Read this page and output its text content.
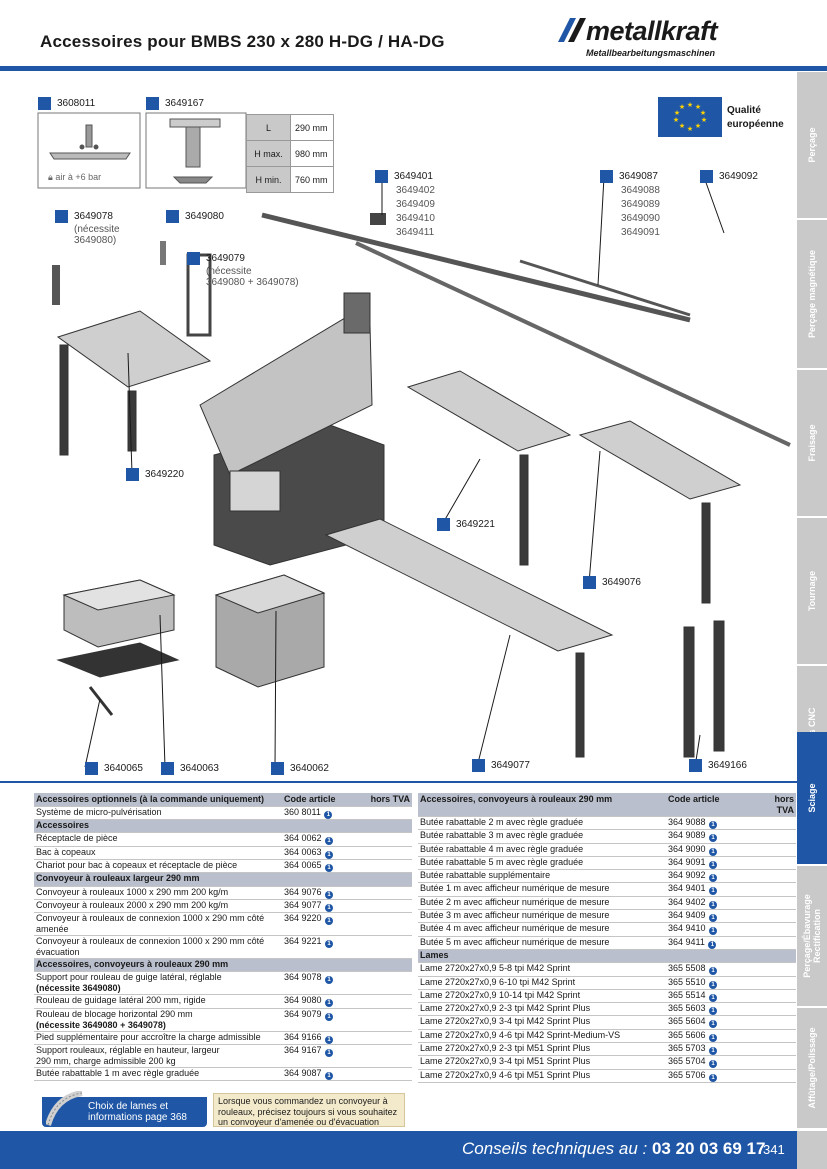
Accessoires pour BMBS 230 x 280 H-DG / HA-DG	metallkraft
Metallbearbeitungsmaschinen
Perçage
Perçage magnétique
Fraisage
Tournage
Sciage
Perçage/Ébavurage Rectification
Affûtage/Polissage
3608011
🔒︎ air à +6 bar
3649167
L	290 mm
H max.	980 mm
H min.	760 mm
★ ★
★
★
★
★
★
★
★
★	Qualité
européenne
3649078
(nécessite
3649080)
3649080
3649079
(nécessite
3649080 + 3649078)
3649401
3649402
3649409
3649410
3649411
3649087
3649088
3649089
3649090
3649091
3649092
3649220
3649221
3649076
3640065	3640063	3640062	3649077	3649166
Accessoires optionnels (à la commande uniquement)	Code article	hors TVA

Système de micro-pulvérisation	360 8011 1	
Accessoires		

Réceptacle de pièce	364 0062 1	

Bac à copeaux	364 0063 1	

Chariot pour bac à copeaux et réceptacle de pièce	364 0065 1	
Convoyeur à rouleaux largeur 290 mm		

Convoyeur à rouleaux 1000 x 290 mm 200 kg/m	364 9076 1	

Convoyeur à rouleaux 2000 x 290 mm 200 kg/m	364 9077 1	

Convoyeur à rouleaux de connexion 1000 x 290 mm côté
amenée	364 9220 1	

Convoyeur à rouleaux de connexion 1000 x 290 mm côté
évacuation	364 9221 1	
Accessoires, convoyeurs à rouleaux 290 mm		

Support pour rouleau de guige latéral, réglable
(nécessite 3649080)	364 9078 1	

Rouleau de guidage latéral 200 mm, rigide	364 9080 1	

Rouleau de blocage horizontal 290 mm
(nécessite 3649080 + 3649078)	364 9079 1	

Pied supplémentaire pour accroître la charge admissible	364 9166 1	

Support rouleaux, réglable en hauteur, largeur
290 mm, charge admissible 200 kg	364 9167 1	

Butée rabattable 1 m avec règle graduée	364 9087 1	
Accessoires, convoyeurs à rouleaux 290 mm	Code article	hors TVA

Butée rabattable 2 m avec règle graduée	364 9088 1	

Butée rabattable 3 m avec règle graduée	364 9089 1	

Butée rabattable 4 m avec règle graduée	364 9090 1	

Butée rabattable 5 m avec règle graduée	364 9091 1	

Butée rabattable supplémentaire	364 9092 1	

Butée 1 m avec afficheur numérique de mesure	364 9401 1	

Butée 2 m avec afficheur numérique de mesure	364 9402 1	

Butée 3 m avec afficheur numérique de mesure	364 9409 1	

Butée 4 m avec afficheur numérique de mesure	364 9410 1	

Butée 5 m avec afficheur numérique de mesure	364 9411 1	
Lames		

Lame 2720x27x0,9 5-8 tpi M42 Sprint	365 5508 1	

Lame 2720x27x0,9 6-10 tpi M42 Sprint	365 5510 1	

Lame 2720x27x0,9 10-14 tpi M42 Sprint	365 5514 1	

Lame 2720x27x0,9 2-3 tpi M42 Sprint Plus	365 5603 1	

Lame 2720x27x0,9 3-4 tpi M42 Sprint Plus	365 5604 1	

Lame 2720x27x0,9 4-6 tpi M42 Sprint-Medium-VS	365 5606 1	

Lame 2720x27x0,9 2-3 tpi M51 Sprint Plus	365 5703 1	

Lame 2720x27x0,9 3-4 tpi M51 Sprint Plus	365 5704 1	

Lame 2720x27x0,9 4-6 tpi M51 Sprint Plus	365 5706 1	
Choix de lames et
informations page 368
Lorsque vous commandez un convoyeur à rouleaux, précisez toujours si vous souhaitez un convoyeur d'amenée ou d'évacuation
Conseils techniques au : 03 20 03 69 17
341
